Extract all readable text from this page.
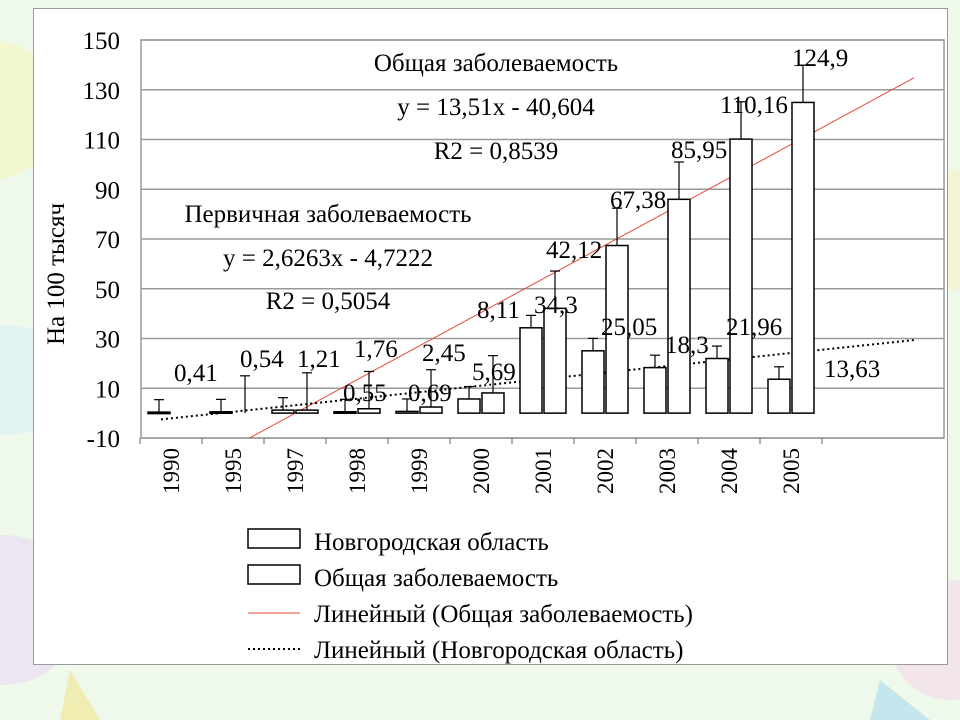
150
130
110
90
70
50
30
10
-10
1990 1995 1997 1998 1999 2000 2001 2002 2003 2004 2005
0,41
0,54 1,21
0,55 0,69
5,69
34,3
25,05
18,3
21,96
13,63
1,76 2,45
8,11
42,12
67,38
85,95
110,16
124,9
На 100 тысяч
Общая заболеваемость
y = 13,51x - 40,604
R2 = 0,8539
Первичная заболеваемость
y = 2,6263x - 4,7222
R2 = 0,5054
Новгородская область
Общая заболеваемость
Линейный (Общая заболеваемость)
Линейный (Новгородская область)
